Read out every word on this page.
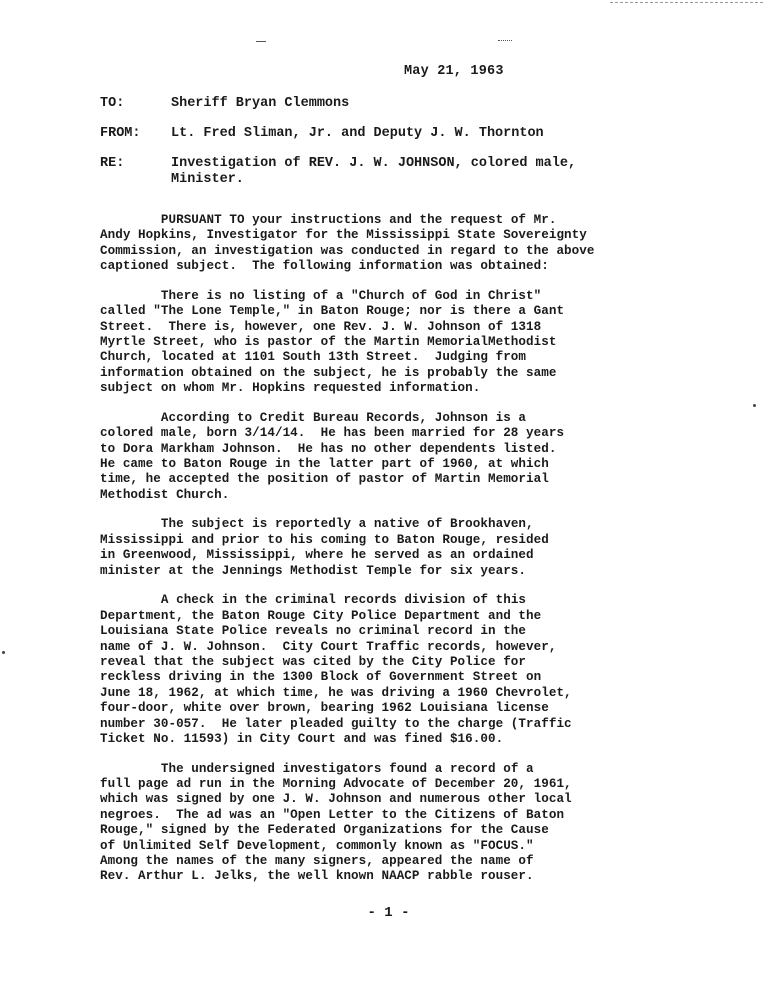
May 21, 1963
TO:	Sheriff Bryan Clemmons
FROM:	Lt. Fred Sliman, Jr. and Deputy J. W. Thornton
RE:	Investigation of REV. J. W. JOHNSON, colored male,
Minister.

PURSUANT TO your instructions and the request of Mr.
Andy Hopkins, Investigator for the Mississippi State Sovereignty
Commission, an investigation was conducted in regard to the above
captioned subject.  The following information was obtained:

There is no listing of a "Church of God in Christ"
called "The Lone Temple," in Baton Rouge; nor is there a Gant
Street.  There is, however, one Rev. J. W. Johnson of 1318
Myrtle Street, who is pastor of the Martin MemorialMethodist
Church, located at 1101 South 13th Street.  Judging from
information obtained on the subject, he is probably the same
subject on whom Mr. Hopkins requested information.

According to Credit Bureau Records, Johnson is a
colored male, born 3/14/14.  He has been married for 28 years
to Dora Markham Johnson.  He has no other dependents listed.
He came to Baton Rouge in the latter part of 1960, at which
time, he accepted the position of pastor of Martin Memorial
Methodist Church.

The subject is reportedly a native of Brookhaven,
Mississippi and prior to his coming to Baton Rouge, resided
in Greenwood, Mississippi, where he served as an ordained
minister at the Jennings Methodist Temple for six years.

A check in the criminal records division of this
Department, the Baton Rouge City Police Department and the
Louisiana State Police reveals no criminal record in the
name of J. W. Johnson.  City Court Traffic records, however,
reveal that the subject was cited by the City Police for
reckless driving in the 1300 Block of Government Street on
June 18, 1962, at which time, he was driving a 1960 Chevrolet,
four-door, white over brown, bearing 1962 Louisiana license
number 30-057.  He later pleaded guilty to the charge (Traffic
Ticket No. 11593) in City Court and was fined $16.00.

The undersigned investigators found a record of a
full page ad run in the Morning Advocate of December 20, 1961,
which was signed by one J. W. Johnson and numerous other local
negroes.  The ad was an "Open Letter to the Citizens of Baton
Rouge," signed by the Federated Organizations for the Cause
of Unlimited Self Development, commonly known as "FOCUS."
Among the names of the many signers, appeared the name of
Rev. Arthur L. Jelks, the well known NAACP rabble rouser.

- 1 -
